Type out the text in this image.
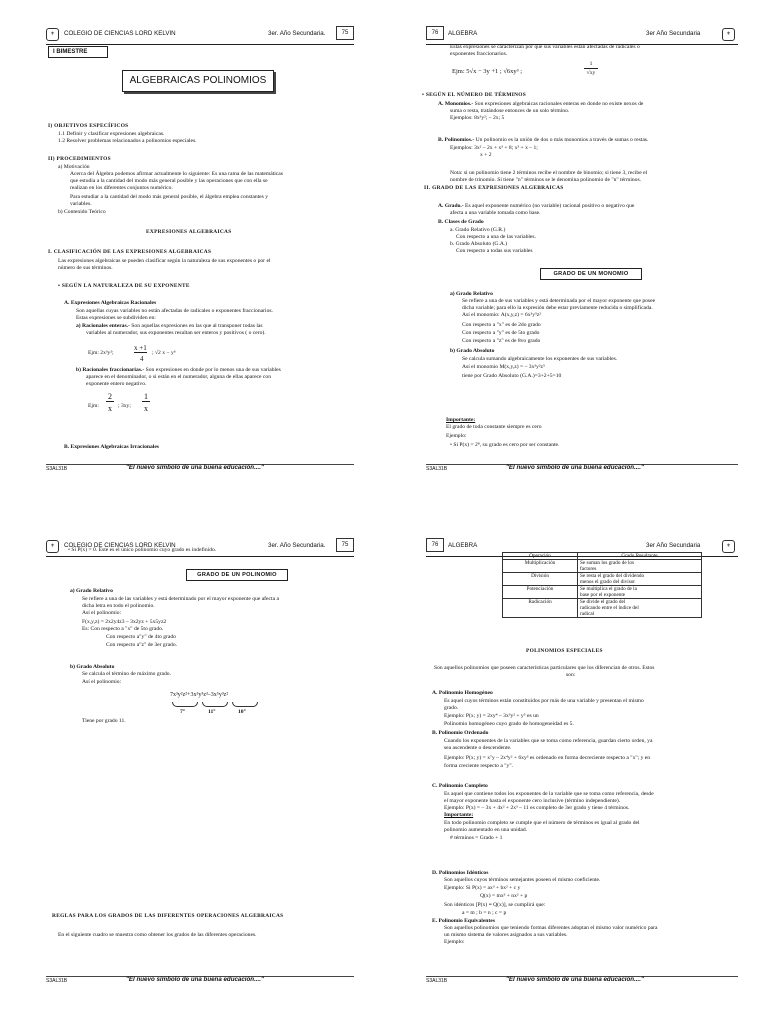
⚜	COLEGIO DE CIENCIAS LORD KELVIN	3er. Año Secundaria.	75
I BIMESTRE
ALGEBRAICAS POLINOMIOS
I) OBJETIVOS ESPECÍFICOS
1.1 Definir y clasificar expresiones algebraicas.
1.2 Resolver problemas relacionados a polinomios especiales.
II) PROCEDIMIENTOS
a) Motivación
Acerca del Álgebra podemos afirmar actualmente lo siguiente: Es una rama de las matemáticas
que estudia a la cantidad del modo más general posible y las operaciones que con ella se
realizan en los diferentes conjuntos numérico.
Para estudiar a la cantidad del modo más general posible, el álgebra emplea constantes y
variables.
b) Contenido Teórico
EXPRESIONES ALGEBRAICAS
I. CLASIFICACIÓN DE LAS EXPRESIONES ALGEBRAICAS
Las expresiones algebraicas se pueden clasificar según la naturaleza de sus exponentes o por el
número de sus términos.
• SEGÚN LA NATURALEZA DE SU EXPONENTE
A. Expresiones Algebraicas Racionales
Son aquellas cuyas variables no están afectadas de radicales o exponentes fraccionarios.
Estas expresiones se subdividen en:
a) Racionales enteras.- Son aquellas expresiones en las que al transponer todas las
variables al numerador, sus exponentes resultan ser enteros y positivos ( o cero).
Ejm: 2x³y²;
x +1
4
; √2 x − y⁶
b) Racionales fraccionarias.- Son expresiones en donde por lo menos una de sus variables
aparece en el denominador, o si están en el numerador, alguna de ellas aparece con
exponente entero negativo.
Ejm:
2
x	; 3xy;
1
x
B. Expresiones Algebraicas Irracionales
S3AL31B	"El nuevo símbolo de una buena educación...."
76	ALGEBRA	3er Año Secundaria	⚜
Estas expresiones se caracterizan por que sus variables están afectadas de radicales o
exponentes fraccionarios.
Ejm: 5√x − 3y +1 ; √6xy³ ;
1
√xy
• SEGÚN EL NÚMERO DE TÉRMINOS
A. Monomios.- Son expresiones algebraicas racionales enteras en donde no existe nexos de
suma o resta, tratándose entonces de un solo término.
Ejemplos: 8x³y²; – 2x; 5
B. Polinomios.- Un polinomio es la unión de dos o más monomios a través de sumas o restas.
Ejemplos: 3x² – 2x + x³ + 8; x³ + x – 1;
x + 2
Nota: si un polinomio tiene 2 términos recibe el nombre de binomio; si tiene 3, recibe el
nombre de trinomio. Si tiene "n" términos se le denomina polinomio de "n" términos.
II. GRADO DE LAS EXPRESIONES ALGEBRAICAS
A. Grado.- Es aquel exponente numérico (no variable) racional positivo o negativo que
afecta a una variable tomada como base.
B. Clases de Grado
a. Grado Relativo (G.R.)
Con respecto a una de las variables.
b. Grado Absoluto (G.A.)
Con respecto a todas sus variables
GRADO DE UN MONOMIO
a) Grado Relativo
Se refiere a una de sus variables y está determinada por el mayor exponente que posee
dicha variable; para ello la expresión debe estar previamente reducida o simplificada.
Así el monomio: A(x,y,z) = 6x³y⁵z²
Con respecto a "x" es de 2do grado
Con respecto a "y" es de 5to grado
Con respecto a "z" es de 8vo grado
b) Grado Absoluto
Se calcula sumando algebraicamente los exponentes de sus variables.
Así el monomio M(x,y,z) = – 3x³y²z⁵
tiene por Grado Absoluto (G.A.)=3+2+5=10
Importante:
El grado de toda constante siempre es cero
Ejemplo:
• Si P(x) = 2⁸, su grado es cero por ser constante.
S3AL31B	"El nuevo símbolo de una buena educación...."
⚜	COLEGIO DE CIENCIAS LORD KELVIN	3er. Año Secundaria.	75
• Si P(x) = 0. Este es el único polinomio cuyo grado es indefinido.
GRADO DE UN POLINOMIO
a) Grado Relativo
Se refiere a una de las variables y está determinado por el mayor exponente que afecta a
dicha letra en todo el polinomio.
Así el polinomio:
F(x,y,z) = 2x2y4z3 – 3x2yz + 5x5yz2
Es: Con respecto a "x" de 5to grado.
Con respecto a"y" de 4to grado
Con respecto a"z" de 3er grado.
b) Grado Absoluto
Se calcula el término de máximo grado.
Así el polinomio:
7x³y²z²+3x⁵y³z³–3x⁵y³z²
7°	11°	10°
Tiene por grado 11.
REGLAS PARA LOS GRADOS DE LAS DIFERENTES OPERACIONES ALGEBRAICAS
En el siguiente cuadro se muestra como obtener los grados de las diferentes operaciones.
S3AL31B	"El nuevo símbolo de una buena educación...."
76	ALGEBRA	3er Año Secundaria	⚜
Operación	Grado Resultante
Multiplicación	Se suman los grado de los
factores

División	Se resta el grado del dividendo
menos el grado del divisor

Potenciación	Se multiplica el grado de la
base por el exponente

Radicación	Se divide el grado del
radicando entre el índice del
radical
POLINOMIOS ESPECIALES
Son aquellos polinomios que poseen características particulares que los diferencian de otros. Estos
son:
A. Polinomio Homogéneo
Es aquel cuyos términos están constituidos por más de una variable y presentan el mismo
grado.
Ejemplo: P(x; y) = 2xy⁴ – 3x³y² + y⁵ es un
Polinomio homogéneo cuyo grado de homogeneidad es 5.
B. Polinomio Ordenado
Cuando los exponentes de la variables que se toma como referencia, guardan cierto orden, ya
sea ascendente o descendente.
Ejemplo: P(x; y) = x⁷y – 2x⁴y² + 6xy³ es ordenado en forma decreciente respecto a "x"; y en
forma creciente respecto a "y".
C. Polinomio Completo
Es aquel que contiene todos los exponentes de la variable que se toma como referencia, desde
el mayor exponente hasta el exponente cero inclusive (término independiente).
Ejemplo: P(x) = – 3x + 4x² + 2x³ – 11 es completo de 3er grado y tiene 4 términos.
Importante:
En todo polinomio completo se cumple que el número de términos es igual al grado del
polinomio aumentado en una unidad.
# términos = Grado + 1
D. Polinomios Idénticos
Son aquellos cuyos términos semejantes poseen el mismo coeficiente.
Ejemplo: Si P(x) = ax³ + bx² + c y
Q(x) = mx³ + nx² + p
Son idénticos [P(x) ≡ Q(x)], se cumplirá que:
a = m ; b = n ; c = p
E. Polinomio Equivalentes
Son aquellos polinomios que teniendo formas diferentes adoptan el mismo valor numérico para
un mismo sistema de valores asignados a sus variables.
Ejemplo:
S3AL31B	"El nuevo símbolo de una buena educación...."
